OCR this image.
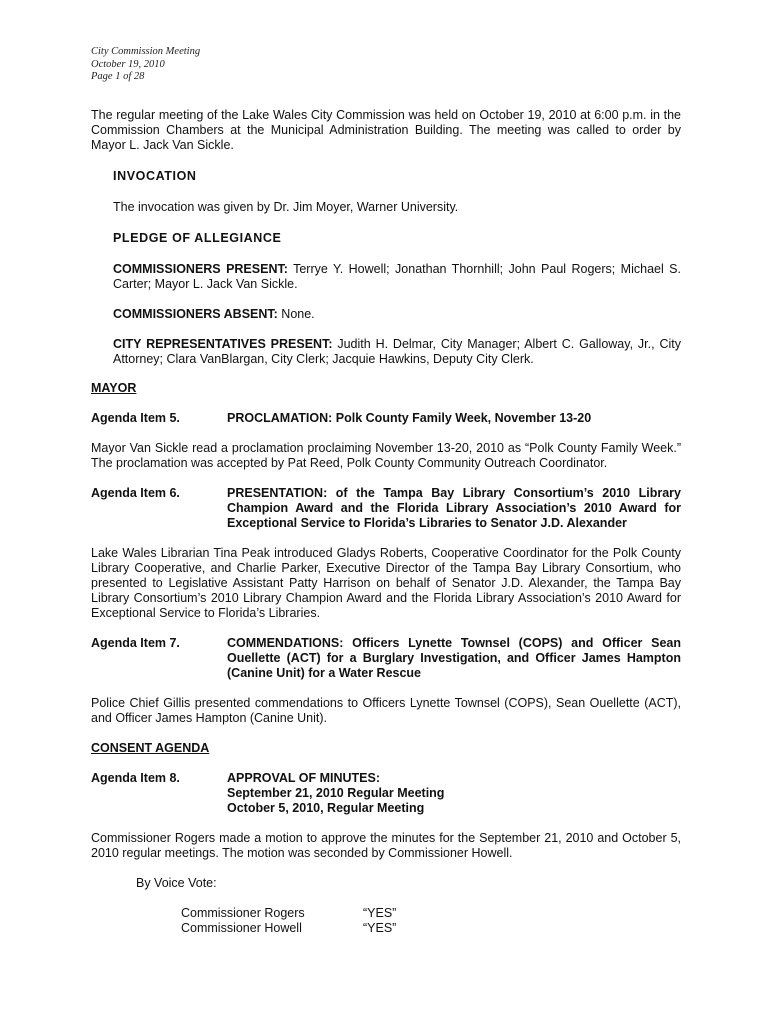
City Commission Meeting
October 19, 2010
Page 1 of 28

The regular meeting of the Lake Wales City Commission was held on October 19, 2010 at 6:00 p.m. in the Commission Chambers at the Municipal Administration Building. The meeting was called to order by Mayor L. Jack Van Sickle.

INVOCATION

The invocation was given by Dr. Jim Moyer, Warner University.

PLEDGE OF ALLEGIANCE

COMMISSIONERS PRESENT: Terrye Y. Howell; Jonathan Thornhill; John Paul Rogers; Michael S. Carter; Mayor L. Jack Van Sickle.

COMMISSIONERS ABSENT: None.

CITY REPRESENTATIVES PRESENT: Judith H. Delmar, City Manager; Albert C. Galloway, Jr., City Attorney; Clara VanBlargan, City Clerk; Jacquie Hawkins, Deputy City Clerk.

MAYOR

Agenda Item 5.	PROCLAMATION: Polk County Family Week, November 13-20

Mayor Van Sickle read a proclamation proclaiming November 13-20, 2010 as “Polk County Family Week.” The proclamation was accepted by Pat Reed, Polk County Community Outreach Coordinator.

Agenda Item 6.	PRESENTATION: of the Tampa Bay Library Consortium’s 2010 Library Champion Award and the Florida Library Association’s 2010 Award for Exceptional Service to Florida’s Libraries to Senator J.D. Alexander

Lake Wales Librarian Tina Peak introduced Gladys Roberts, Cooperative Coordinator for the Polk County Library Cooperative, and Charlie Parker, Executive Director of the Tampa Bay Library Consortium, who presented to Legislative Assistant Patty Harrison on behalf of Senator J.D. Alexander, the Tampa Bay Library Consortium’s 2010 Library Champion Award and the Florida Library Association’s 2010 Award for Exceptional Service to Florida’s Libraries.

Agenda Item 7.	COMMENDATIONS: Officers Lynette Townsel (COPS) and Officer Sean Ouellette (ACT) for a Burglary Investigation, and Officer James Hampton (Canine Unit) for a Water Rescue

Police Chief Gillis presented commendations to Officers Lynette Townsel (COPS), Sean Ouellette (ACT), and Officer James Hampton (Canine Unit).

CONSENT AGENDA

Agenda Item 8.	APPROVAL OF MINUTES:
September 21, 2010 Regular Meeting
October 5, 2010, Regular Meeting

Commissioner Rogers made a motion to approve the minutes for the September 21, 2010 and October 5, 2010 regular meetings. The motion was seconded by Commissioner Howell.

By Voice Vote:

Commissioner Rogers	“YES”
Commissioner Howell	“YES”
